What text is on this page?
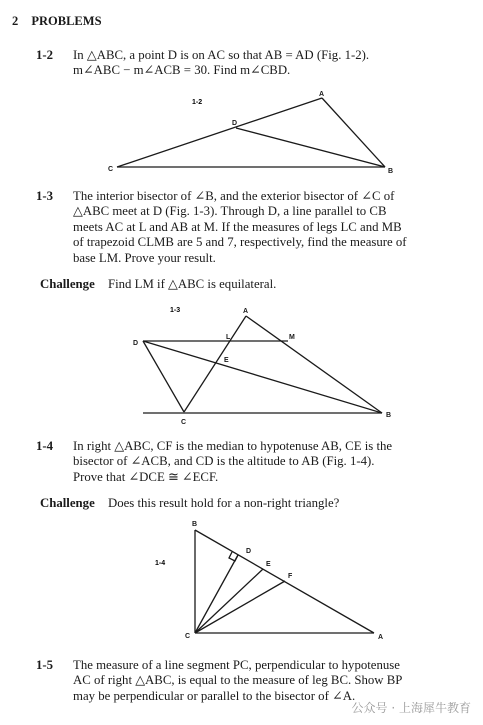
2 PROBLEMS
1-2 In △ABC, a point D is on AC so that AB = AD (Fig. 1-2).
m∠ABC − m∠ACB = 30. Find m∠CBD.
1-2
A
D
C	B
1-3 The interior bisector of ∠B, and the exterior bisector of ∠C of
△ABC meet at D (Fig. 1-3). Through D, a line parallel to CB
meets AC at L and AB at M. If the measures of legs LC and MB
of trapezoid CLMB are 5 and 7, respectively, find the measure of
base LM. Prove your result.
Challenge Find LM if △ABC is equilateral.
1-3	A
L	M
D
E
C
B
1-4 In right △ABC, CF is the median to hypotenuse AB, CE is the
bisector of ∠ACB, and CD is the altitude to AB (Fig. 1-4).
Prove that ∠DCE ≅ ∠ECF.
Challenge Does this result hold for a non-right triangle?
1-4
B
D
E
F
C	A
1-5 The measure of a line segment PC, perpendicular to hypotenuse
AC of right △ABC, is equal to the measure of leg BC. Show BP
may be perpendicular or parallel to the bisector of ∠A.
公众号 · 上海犀牛教育
